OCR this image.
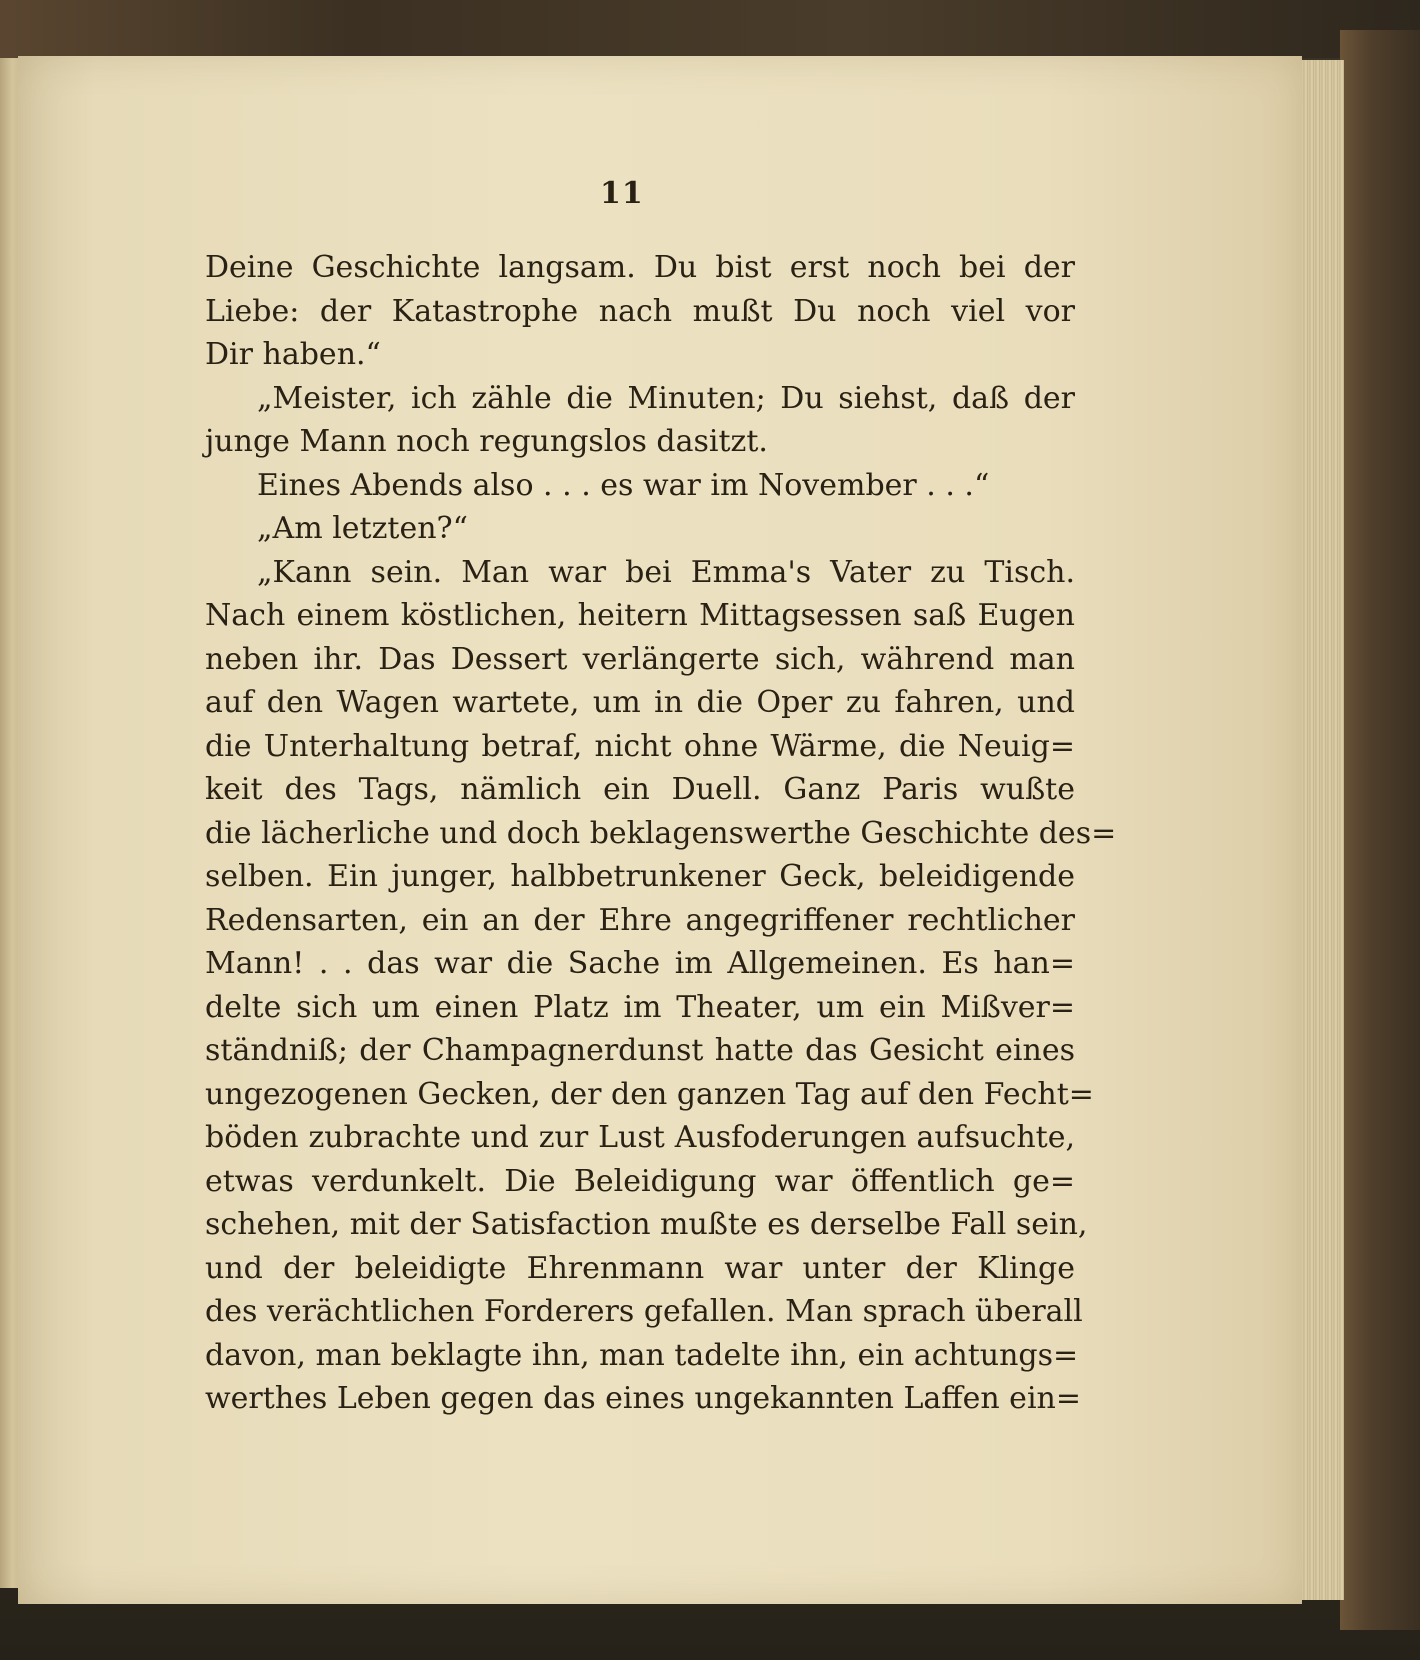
11
Deine Geschichte langsam. Du bist erst noch bei der
Liebe: der Katastrophe nach mußt Du noch viel vor
Dir haben.“
„Meister, ich zähle die Minuten; Du siehst, daß der
junge Mann noch regungslos dasitzt.
Eines Abends also . . . es war im November . . .“
„Am letzten?“
„Kann sein. Man war bei Emma's Vater zu Tisch.
Nach einem köstlichen, heitern Mittagsessen saß Eugen
neben ihr. Das Dessert verlängerte sich, während man
auf den Wagen wartete, um in die Oper zu fahren, und
die Unterhaltung betraf, nicht ohne Wärme, die Neuig=
keit des Tags, nämlich ein Duell. Ganz Paris wußte
die lächerliche und doch beklagenswerthe Geschichte des=
selben. Ein junger, halbbetrunkener Geck, beleidigende
Redensarten, ein an der Ehre angegriffener rechtlicher
Mann! . . das war die Sache im Allgemeinen. Es han=
delte sich um einen Platz im Theater, um ein Mißver=
ständniß; der Champagnerdunst hatte das Gesicht eines
ungezogenen Gecken, der den ganzen Tag auf den Fecht=
böden zubrachte und zur Lust Ausfoderungen aufsuchte,
etwas verdunkelt. Die Beleidigung war öffentlich ge=
schehen, mit der Satisfaction mußte es derselbe Fall sein,
und der beleidigte Ehrenmann war unter der Klinge
des verächtlichen Forderers gefallen. Man sprach überall
davon, man beklagte ihn, man tadelte ihn, ein achtungs=
werthes Leben gegen das eines ungekannten Laffen ein=
